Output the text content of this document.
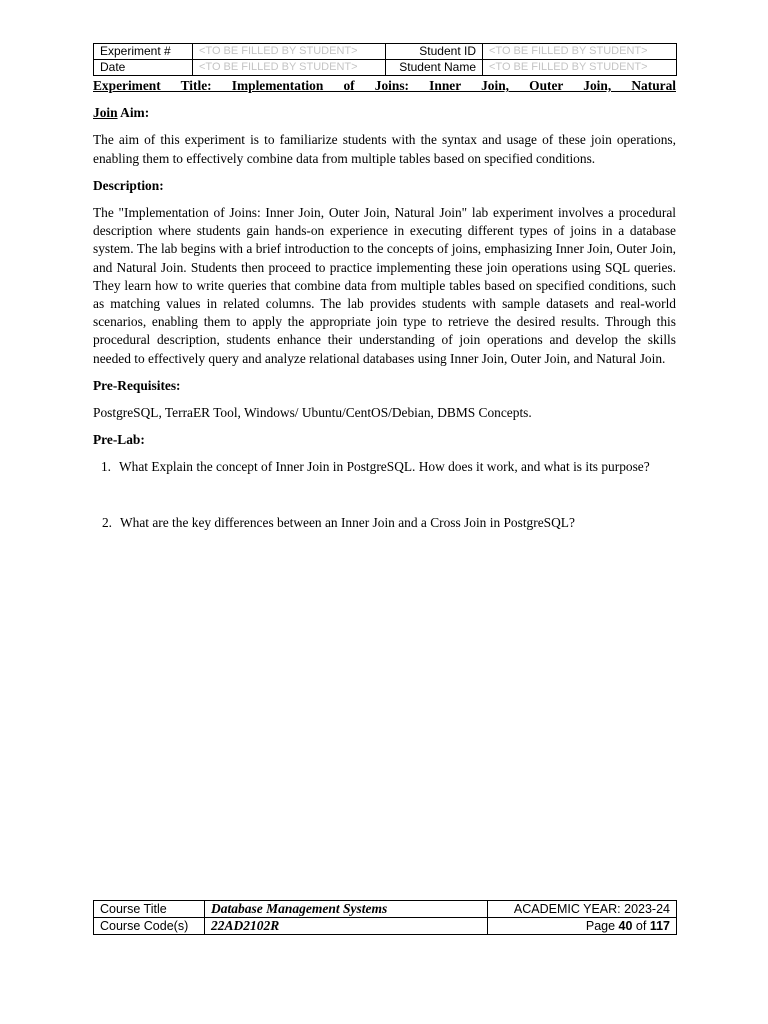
Experiment #	<TO BE FILLED BY STUDENT>	Student ID	<TO BE FILLED BY STUDENT>
Date	<TO BE FILLED BY STUDENT>	Student Name	<TO BE FILLED BY STUDENT>
Experiment Title: Implementation of Joins: Inner Join, Outer Join, Natural
Join Aim:

The aim of this experiment is to familiarize students with the syntax and usage of these join operations, enabling them to effectively combine data from multiple tables based on specified conditions.

Description:

The "Implementation of Joins: Inner Join, Outer Join, Natural Join" lab experiment involves a procedural description where students gain hands-on experience in executing different types of joins in a database system. The lab begins with a brief introduction to the concepts of joins, emphasizing Inner Join, Outer Join, and Natural Join. Students then proceed to practice implementing these join operations using SQL queries. They learn how to write queries that combine data from multiple tables based on specified conditions, such as matching values in related columns. The lab provides students with sample datasets and real-world scenarios, enabling them to apply the appropriate join type to retrieve the desired results. Through this procedural description, students enhance their understanding of join operations and develop the skills needed to effectively query and analyze relational databases using Inner Join, Outer Join, and Natural Join.

Pre-Requisites:

PostgreSQL, TerraER Tool, Windows/ Ubuntu/CentOS/Debian, DBMS Concepts.

Pre-Lab:
1. What Explain the concept of Inner Join in PostgreSQL. How does it work, and what is its purpose?
2. What are the key differences between an Inner Join and a Cross Join in PostgreSQL?
Course Title	Database Management Systems	ACADEMIC YEAR: 2023-24
Course Code(s)	22AD2102R	Page 40 of 117
